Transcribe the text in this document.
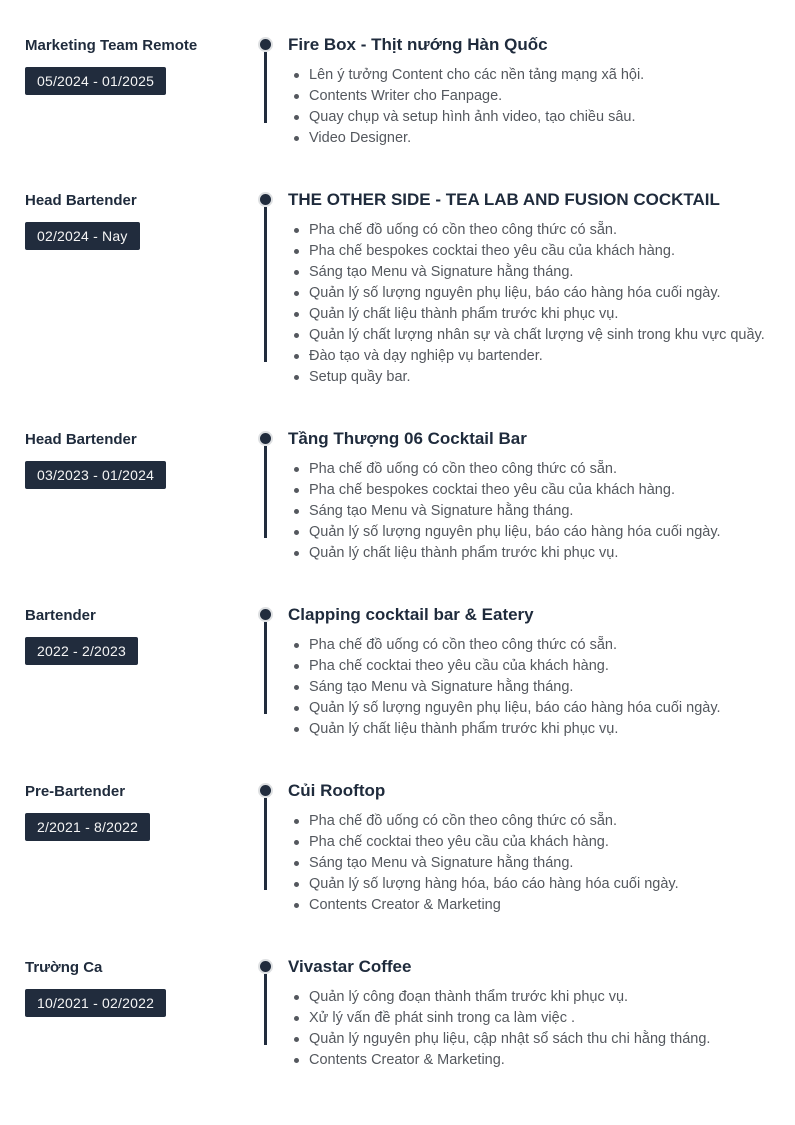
Marketing Team Remote
05/2024 - 01/2025
Fire Box - Thịt nướng Hàn Quốc
Lên ý tưởng Content cho các nền tảng mạng xã hội.
Contents Writer cho Fanpage.
Quay chụp và setup hình ảnh video, tạo chiều sâu.
Video Designer.
Head Bartender
02/2024 - Nay
THE OTHER SIDE - TEA LAB AND FUSION COCKTAIL
Pha chế đồ uống có cồn theo công thức có sẵn.
Pha chế bespokes cocktai theo yêu cầu của khách hàng.
Sáng tạo Menu và Signature hằng tháng.
Quản lý số lượng nguyên phụ liệu, báo cáo hàng hóa cuối ngày.
Quản lý chất liệu thành phẩm trước khi phục vụ.
Quản lý chất lượng nhân sự và chất lượng vệ sinh trong khu vực quầy.
Đào tạo và dạy nghiệp vụ bartender.
Setup quầy bar.
Head Bartender
03/2023 - 01/2024
Tầng Thượng 06 Cocktail Bar
Pha chế đồ uống có cồn theo công thức có sẵn.
Pha chế bespokes cocktai theo yêu cầu của khách hàng.
Sáng tạo Menu và Signature hằng tháng.
Quản lý số lượng nguyên phụ liệu, báo cáo hàng hóa cuối ngày.
Quản lý chất liệu thành phẩm trước khi phục vụ.
Bartender
2022 - 2/2023
Clapping cocktail bar & Eatery
Pha chế đồ uống có cồn theo công thức có sẵn.
Pha chế cocktai theo yêu cầu của khách hàng.
Sáng tạo Menu và Signature hằng tháng.
Quản lý số lượng nguyên phụ liệu, báo cáo hàng hóa cuối ngày.
Quản lý chất liệu thành phẩm trước khi phục vụ.
Pre-Bartender
2/2021 - 8/2022
Củi Rooftop
Pha chế đồ uống có cồn theo công thức có sẵn.
Pha chế cocktai theo yêu cầu của khách hàng.
Sáng tạo Menu và Signature hằng tháng.
Quản lý số lượng hàng hóa, báo cáo hàng hóa cuối ngày.
Contents Creator & Marketing
Trường Ca
10/2021 - 02/2022
Vivastar Coffee
Quản lý công đoạn thành thẩm trước khi phục vụ.
Xử lý vấn đề phát sinh trong ca làm việc .
Quản lý nguyên phụ liệu, cập nhật sổ sách thu chi hằng tháng.
Contents Creator & Marketing.
